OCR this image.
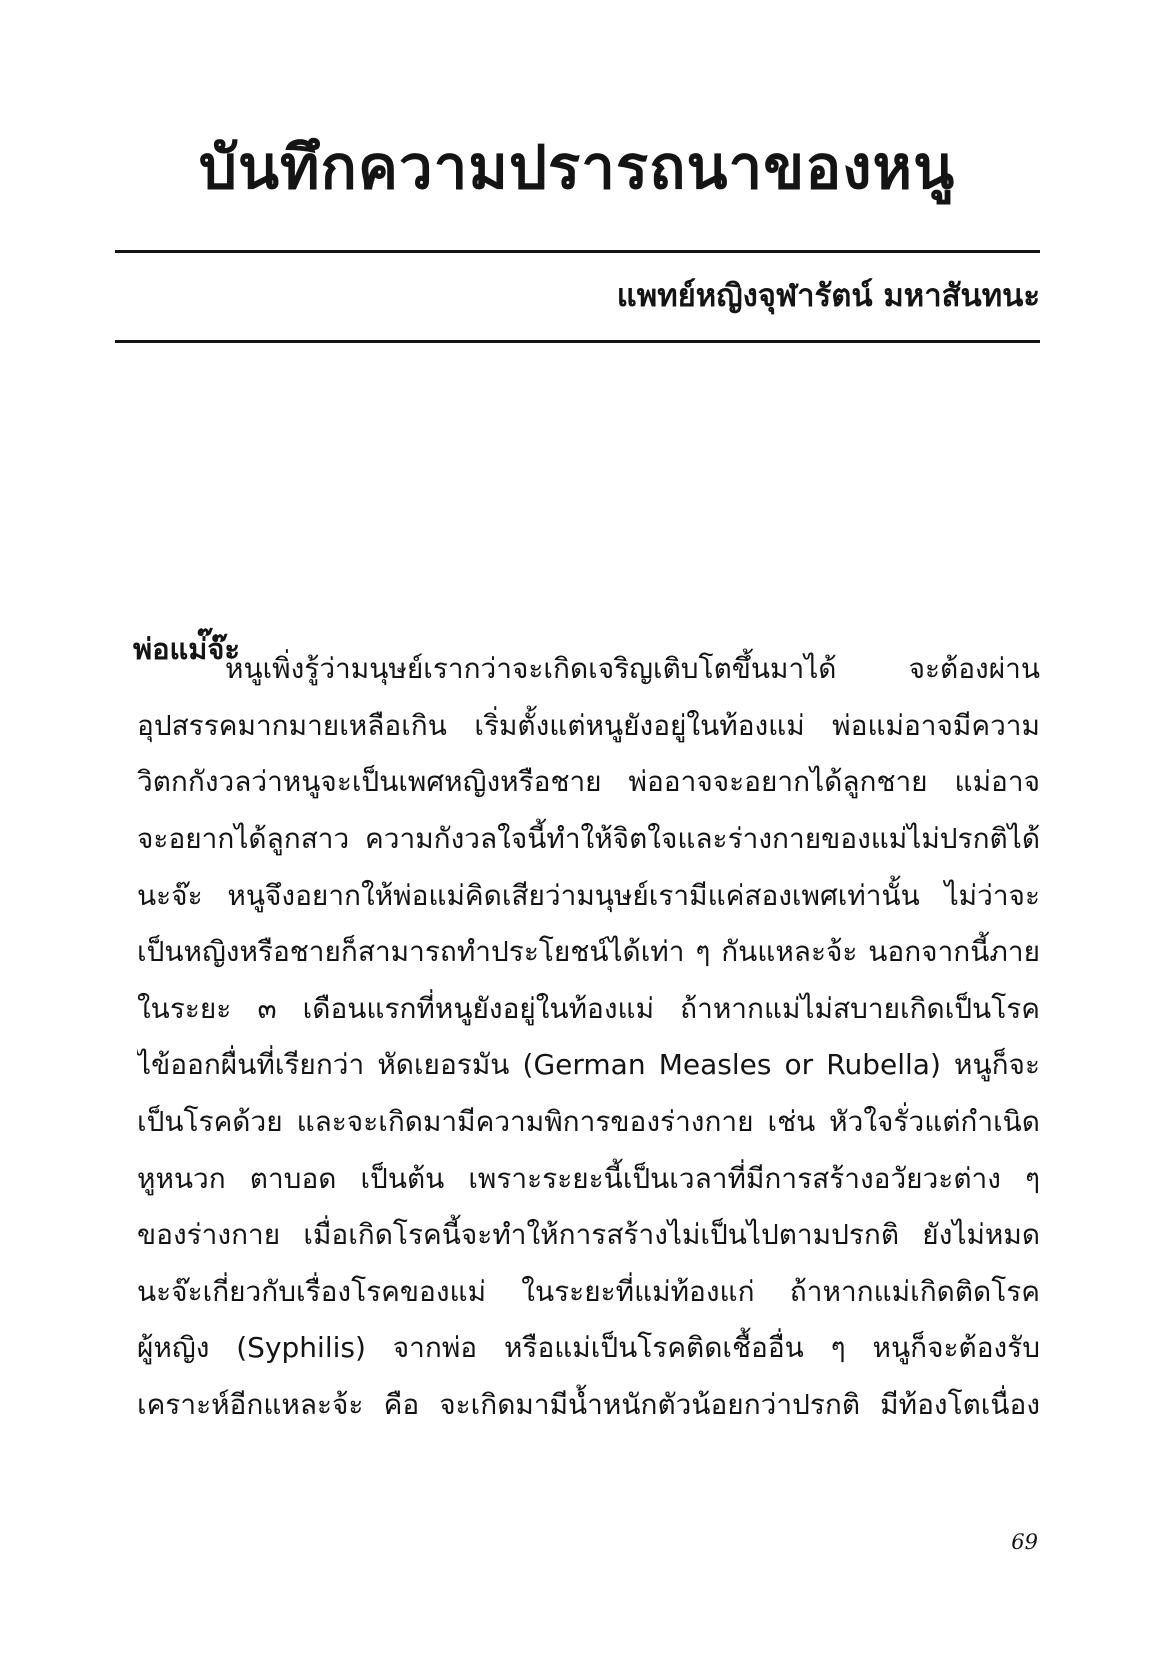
บันทึกความปรารถนาของหนู
แพทย์หญิงจุฬารัตน์ มหาสันทนะ
พ่อแม่๊จ๊ะ
หนูเพิ่งรู้ว่ามนุษย์เรากว่าจะเกิดเจริญเติบโตขึ้นมาได้ จะต้องผ่าน
อุปสรรคมากมายเหลือเกิน เริ่มตั้งแต่หนูยังอยู่ในท้องแม่ พ่อแม่อาจมีความ
วิตกกังวลว่าหนูจะเป็นเพศหญิงหรือชาย พ่ออาจจะอยากได้ลูกชาย แม่อาจ
จะอยากได้ลูกสาว ความกังวลใจนี้ทำให้จิตใจและร่างกายของแม่ไม่ปรกติได้
นะจ๊ะ หนูจึงอยากให้พ่อแม่คิดเสียว่ามนุษย์เรามีแค่สองเพศเท่านั้น ไม่ว่าจะ
เป็นหญิงหรือชายก็สามารถทำประโยชน์ได้เท่า ๆ กันแหละจ้ะ นอกจากนี้ภาย
ในระยะ ๓ เดือนแรกที่หนูยังอยู่ในท้องแม่ ถ้าหากแม่ไม่สบายเกิดเป็นโรค
ไข้ออกผื่นที่เรียกว่า หัดเยอรมัน (German Measles or Rubella) หนูก็จะ
เป็นโรคด้วย และจะเกิดมามีความพิการของร่างกาย เช่น หัวใจรั่วแต่กำเนิด
หูหนวก ตาบอด เป็นต้น เพราะระยะนี้เป็นเวลาที่มีการสร้างอวัยวะต่าง ๆ
ของร่างกาย เมื่อเกิดโรคนี้จะทำให้การสร้างไม่เป็นไปตามปรกติ ยังไม่หมด
นะจ๊ะเกี่ยวกับเรื่องโรคของแม่ ในระยะที่แม่ท้องแก่ ถ้าหากแม่เกิดติดโรค
ผู้หญิง (Syphilis) จากพ่อ หรือแม่เป็นโรคติดเชื้ออื่น ๆ หนูก็จะต้องรับ
เคราะห์อีกแหละจ้ะ คือ จะเกิดมามีน้ำหนักตัวน้อยกว่าปรกติ มีท้องโตเนื่อง
69
